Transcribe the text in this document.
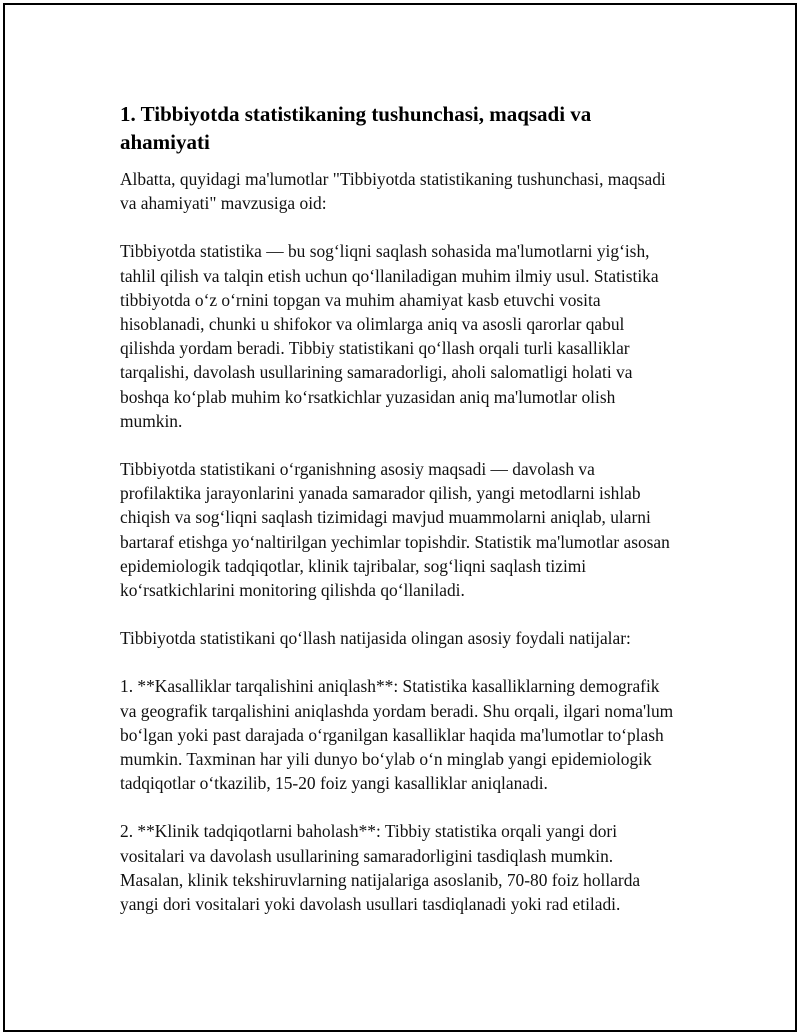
1. Tibbiyotda statistikaning tushunchasi, maqsadi va ahamiyati

Albatta, quyidagi ma'lumotlar "Tibbiyotda statistikaning tushunchasi, maqsadi va ahamiyati" mavzusiga oid:

Tibbiyotda statistika — bu sog‘liqni saqlash sohasida ma'lumotlarni yig‘ish, tahlil qilish va talqin etish uchun qo‘llaniladigan muhim ilmiy usul. Statistika tibbiyotda o‘z o‘rnini topgan va muhim ahamiyat kasb etuvchi vosita hisoblanadi, chunki u shifokor va olimlarga aniq va asosli qarorlar qabul qilishda yordam beradi. Tibbiy statistikani qo‘llash orqali turli kasalliklar tarqalishi, davolash usullarining samaradorligi, aholi salomatligi holati va boshqa ko‘plab muhim ko‘rsatkichlar yuzasidan aniq ma'lumotlar olish mumkin.

Tibbiyotda statistikani o‘rganishning asosiy maqsadi — davolash va profilaktika jarayonlarini yanada samarador qilish, yangi metodlarni ishlab chiqish va sog‘liqni saqlash tizimidagi mavjud muammolarni aniqlab, ularni bartaraf etishga yo‘naltirilgan yechimlar topishdir. Statistik ma'lumotlar asosan epidemiologik tadqiqotlar, klinik tajribalar, sog‘liqni saqlash tizimi ko‘rsatkichlarini monitoring qilishda qo‘llaniladi.

Tibbiyotda statistikani qo‘llash natijasida olingan asosiy foydali natijalar:

1. **Kasalliklar tarqalishini aniqlash**: Statistika kasalliklarning demografik va geografik tarqalishini aniqlashda yordam beradi. Shu orqali, ilgari noma'lum bo‘lgan yoki past darajada o‘rganilgan kasalliklar haqida ma'lumotlar to‘plash mumkin. Taxminan har yili dunyo bo‘ylab o‘n minglab yangi epidemiologik tadqiqotlar o‘tkazilib, 15-20 foiz yangi kasalliklar aniqlanadi.

2. **Klinik tadqiqotlarni baholash**: Tibbiy statistika orqali yangi dori vositalari va davolash usullarining samaradorligini tasdiqlash mumkin. Masalan, klinik tekshiruvlarning natijalariga asoslanib, 70-80 foiz hollarda yangi dori vositalari yoki davolash usullari tasdiqlanadi yoki rad etiladi.
